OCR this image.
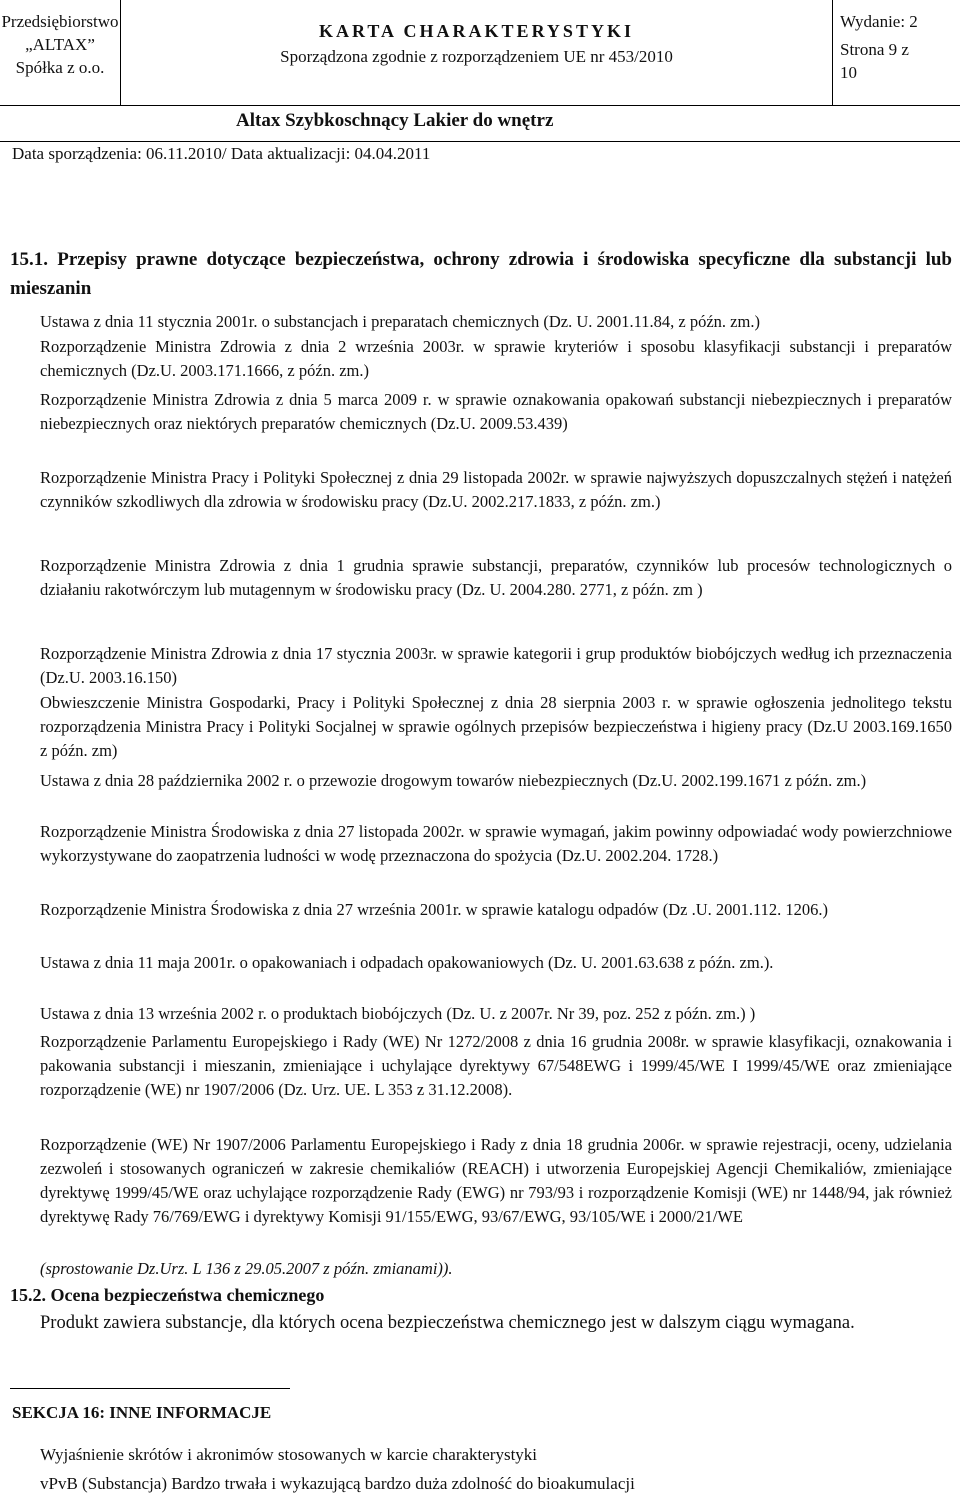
Przedsiębiorstwo
„ALTAX”
Spółka z o.o.
KARTA CHARAKTERYSTYKI
Sporządzona zgodnie z rozporządzeniem UE nr 453/2010
Wydanie: 2
Strona 9 z
10
Altax Szybkoschnący Lakier do wnętrz
Data sporządzenia: 06.11.2010/ Data aktualizacji: 04.04.2011
15.1. Przepisy prawne dotyczące bezpieczeństwa, ochrony zdrowia i środowiska specyficzne dla substancji lub mieszanin
Ustawa z dnia 11 stycznia 2001r. o substancjach i preparatach chemicznych (Dz. U. 2001.11.84, z późn. zm.)
Rozporządzenie Ministra Zdrowia z dnia 2 września 2003r. w sprawie kryteriów i sposobu klasyfikacji substancji i preparatów chemicznych (Dz.U. 2003.171.1666, z późn. zm.)
Rozporządzenie Ministra Zdrowia z dnia 5 marca 2009 r. w sprawie oznakowania opakowań substancji niebezpiecznych i preparatów niebezpiecznych oraz niektórych preparatów chemicznych (Dz.U. 2009.53.439)
Rozporządzenie Ministra Pracy i Polityki Społecznej z dnia 29 listopada 2002r. w sprawie najwyższych dopuszczalnych stężeń i natężeń czynników szkodliwych dla zdrowia w środowisku pracy (Dz.U. 2002.217.1833, z późn. zm.)
Rozporządzenie Ministra Zdrowia z dnia 1 grudnia sprawie substancji, preparatów, czynników lub procesów technologicznych o działaniu rakotwórczym lub mutagennym w środowisku pracy (Dz. U. 2004.280. 2771, z późn. zm )
Rozporządzenie Ministra Zdrowia z dnia 17 stycznia 2003r. w sprawie kategorii i grup produktów biobójczych według ich przeznaczenia (Dz.U. 2003.16.150)
Obwieszczenie Ministra Gospodarki, Pracy i Polityki Społecznej z dnia 28 sierpnia 2003 r. w sprawie ogłoszenia jednolitego tekstu rozporządzenia Ministra Pracy i Polityki Socjalnej w sprawie ogólnych przepisów bezpieczeństwa i higieny pracy (Dz.U 2003.169.1650 z późn. zm)
Ustawa z dnia 28 października 2002 r. o przewozie drogowym towarów niebezpiecznych (Dz.U. 2002.199.1671 z późn. zm.)
Rozporządzenie Ministra Środowiska z dnia 27 listopada 2002r. w sprawie wymagań, jakim powinny odpowiadać wody powierzchniowe wykorzystywane do zaopatrzenia ludności w wodę przeznaczona do spożycia (Dz.U. 2002.204. 1728.)
Rozporządzenie Ministra Środowiska z dnia 27 września 2001r. w sprawie katalogu odpadów (Dz .U. 2001.112. 1206.)
Ustawa z dnia 11 maja 2001r. o opakowaniach i odpadach opakowaniowych (Dz. U. 2001.63.638 z późn. zm.).
Ustawa z dnia 13 września 2002 r. o produktach biobójczych (Dz. U. z 2007r. Nr 39, poz. 252 z późn. zm.) )
Rozporządzenie Parlamentu Europejskiego i Rady (WE) Nr 1272/2008 z dnia 16 grudnia 2008r. w sprawie klasyfikacji, oznakowania i pakowania substancji i mieszanin, zmieniające i uchylające dyrektywy 67/548EWG i 1999/45/WE I 1999/45/WE oraz zmieniające rozporządzenie (WE) nr 1907/2006 (Dz. Urz. UE. L 353 z 31.12.2008).
Rozporządzenie (WE) Nr 1907/2006 Parlamentu Europejskiego i Rady z dnia 18 grudnia 2006r. w sprawie rejestracji, oceny, udzielania zezwoleń i stosowanych ograniczeń w zakresie chemikaliów (REACH) i utworzenia Europejskiej Agencji Chemikaliów, zmieniające dyrektywę 1999/45/WE oraz uchylające rozporządzenie Rady (EWG) nr 793/93 i rozporządzenie Komisji (WE) nr 1448/94, jak również dyrektywę Rady 76/769/EWG i dyrektywy Komisji 91/155/EWG, 93/67/EWG, 93/105/WE i 2000/21/WE
(sprostowanie Dz.Urz. L 136 z 29.05.2007 z późn. zmianami)).
15.2. Ocena bezpieczeństwa chemicznego
Produkt zawiera substancje, dla których ocena bezpieczeństwa chemicznego jest w dalszym ciągu wymagana.
SEKCJA 16: INNE INFORMACJE
Wyjaśnienie skrótów i akronimów stosowanych w karcie charakterystyki
vPvB (Substancja) Bardzo trwała i wykazującą bardzo duża zdolność do bioakumulacji
